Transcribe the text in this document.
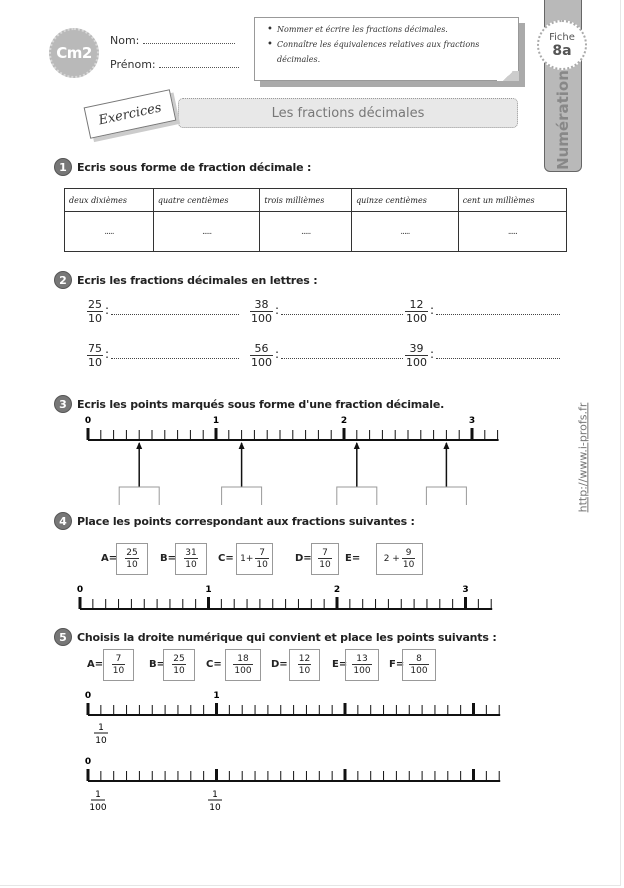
Cm2
Nom:
Prénom:
• Nommer et écrire les fractions décimales.
• Connaître les équivalences relatives aux fractions décimales.
Les fractions décimales
Exercices	Numération
Fiche
8a
http://www.i-profs.fr
1 Ecris sous forme de fraction décimale :
deux dixièmes	quatre centièmes	trois millièmes	quinze centièmes	cent un millièmes
.....	.....	.....	.....	.....
2 Ecris les fractions décimales en lettres :
$\frac{25}{10}$ :	$\frac{38}{100}$ :	$\frac{12}{100}$ :
$\frac{75}{10}$ :	$\frac{56}{100}$ :	$\frac{39}{100}$ :
3 Ecris les points marqués sous forme d'une fraction décimale.
0	1	2	3
4 Place les points correspondant aux fractions suivantes :
$A= \frac{25}{10} B= \frac{31}{10} C= 1+ \frac{7}{10}$	$D= \frac{7}{10} E=$	$2 + \frac{9}{10}$
0	1	2	3
5 Choisis la droite numérique qui convient et place les points suivants :
$A= \frac{7}{10} B= \frac{25}{10} C= \frac{18}{100} D= \frac{12}{10} E= \frac{13}{100} F= \frac{8}{100}$
0	1
1
10
0
1
100
1
10
